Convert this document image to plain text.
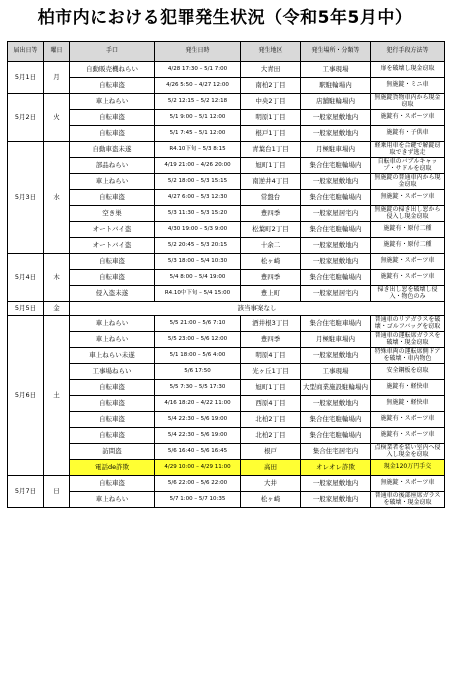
柏市内における犯罪発生状況（令和5年5月中）
届出日等	曜日	手口	発生日時	発生地区	発生場所・分類等	犯行手段方法等
5月1日	月	自動販売機ねらい	4/28 17:30 – 5/1 7:00	大青田	工事現場	扉を破壊し現金窃取
		自転車盗	4/26 5:50 – 4/27 12:00	南柏2丁目	駅駐輪場内	無施錠・ミニ車
5月2日	火	車上ねらい	5/2 12:15 – 5/2 12:18	中央2丁目	店舗駐輪場内	無施錠貨物車内から現金窃取
		自転車盗	5/1 9:00 – 5/1 12:00	明原1丁目	一般家屋敷地内	施錠有・スポーツ車
		自転車盗	5/1 7:45 – 5/1 12:00	根戸1丁目	一般家屋敷地内	施錠有・子供車
5月3日	水	自動車盗未遂	R4.10下旬 – 5/3 8:15	青葉台1丁目	月極駐車場内	軽乗用車を合鍵で解錠窃取できず逃走
		部品ねらい	4/19 21:00 – 4/26 20:00	旭町1丁目	集合住宅駐輪場内	自転車のバブルキャップ・サドルを窃取
		車上ねらい	5/2 18:00 – 5/3 15:15	南逆井4丁目	一般家屋敷地内	無施錠の普通車内から現金窃取
		自転車盗	4/27 6:00 – 5/3 12:30	常盤台	集合住宅駐輪場内	無施錠・スポーツ車
		空き巣	5/3 11:30 – 5/3 15:20	豊四季	一般家屋居宅内	無施錠の掃き出し窓から侵入し現金窃取
		オートバイ盗	4/30 19:00 – 5/3 9:00	松葉町2丁目	集合住宅駐輪場内	施錠有・原付二種
		オートバイ盗	5/2 20:45 – 5/3 20:15	十余二	一般家屋敷地内	施錠有・原付二種
5月4日	木	自転車盗	5/3 18:00 – 5/4 10:30	松ヶ崎	一般家屋敷地内	無施錠・スポーツ車
		自転車盗	5/4 8:00 – 5/4 19:00	豊四季	集合住宅駐輪場内	施錠有・スポーツ車
		侵入盗未遂	R4.10中下旬 – 5/4 15:00	豊上町	一般家屋居宅内	掃き出し窓を破壊し侵入・物色のみ
5月5日	金	該当事案なし				
5月6日	土	車上ねらい	5/5 21:00 – 5/6 7:10	酒井根3丁目	集合住宅駐車場内	普通車のリアガラスを破壊・ゴルフバッグを窃取
		車上ねらい	5/5 23:00 – 5/6 12:00	豊四季	月極駐車場内	普通車の運転席ガラスを破壊・現金窃取
		車上ねらい未遂	5/1 18:00 – 5/6 4:00	明原4丁目	一般家屋敷地内	特殊車両の運転席側ドアを破壊・車内物色
		工事場ねらい	5/6 17:50	光ヶ丘1丁目	工事現場	安全鋼板を窃取
		自転車盗	5/5 7:30 – 5/5 17:30	旭町1丁目	大型商業施設駐輪場内	施錠有・軽快車
		自転車盗	4/16 18:20 – 4/22 11:00	西原4丁目	一般家屋敷地内	無施錠・軽快車
		自転車盗	5/4 22:30 – 5/6 19:00	北柏2丁目	集合住宅駐輪場内	施錠有・スポーツ車
		自転車盗	5/4 22:30 – 5/6 19:00	北柏2丁目	集合住宅駐輪場内	施錠有・スポーツ車
		訪問盗	5/6 16:40 – 5/6 16:45	根戸	集合住宅居宅内	点検業者を装い室内へ侵入し現金を窃取
		電話de詐欺	4/29 10:00 – 4/29 11:00	高田	オレオレ詐欺	現金120万円手交
5月7日	日	自転車盗	5/6 22:00 – 5/6 22:00	大井	一般家屋敷地内	無施錠・スポーツ車
		車上ねらい	5/7 1:00 – 5/7 10:35	松ヶ崎	一般家屋敷地内	普通車の後部座席ガラスを破壊・現金窃取
